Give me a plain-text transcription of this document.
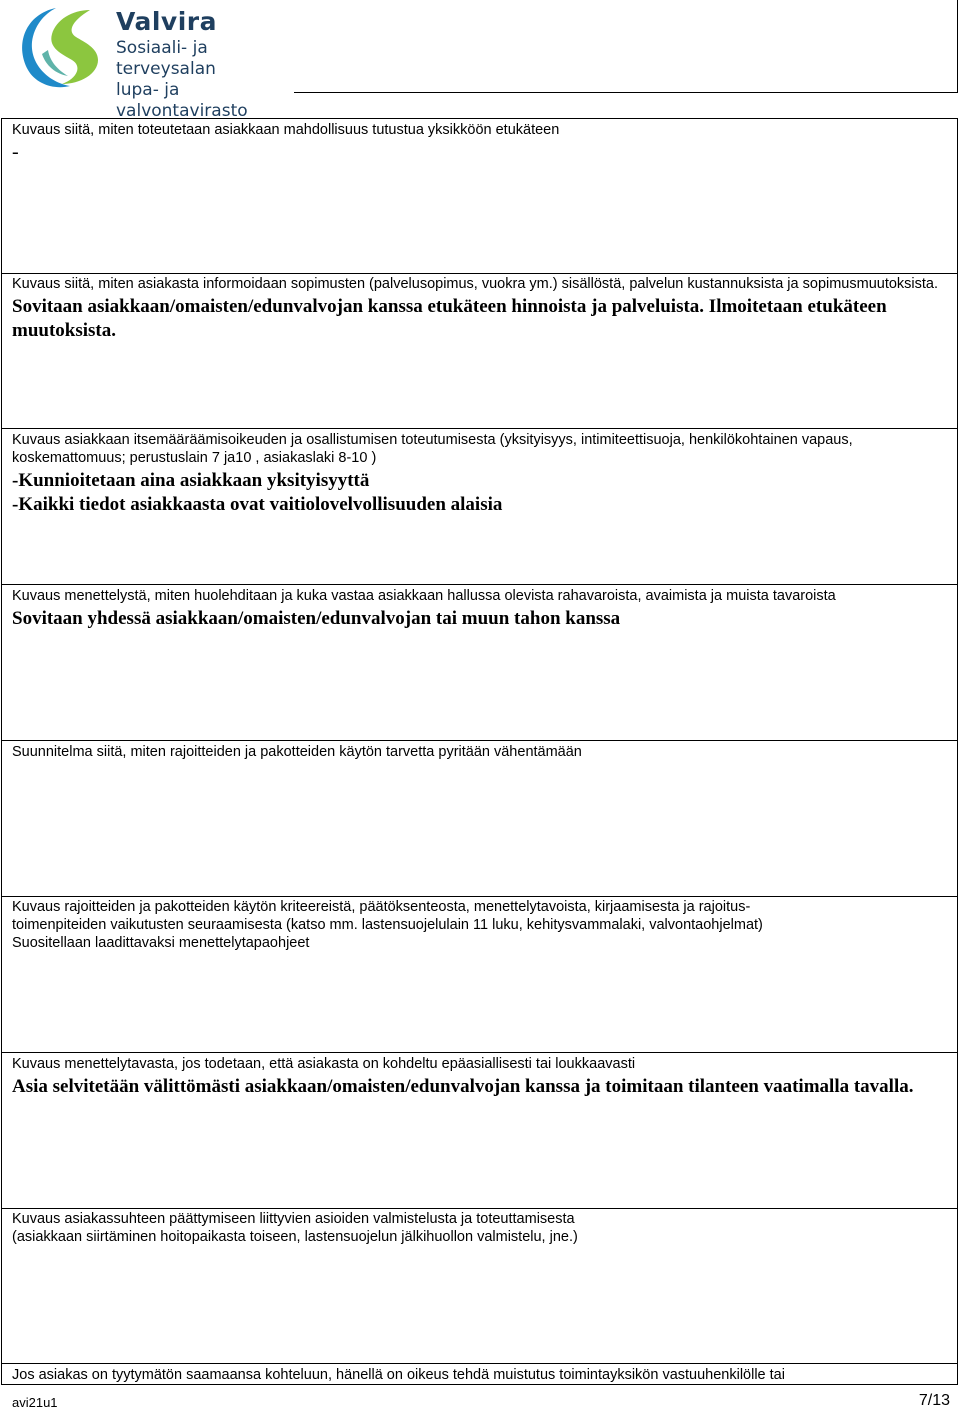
Valvira
Sosiaali- ja terveysalan
lupa- ja valvontavirasto
Kuvaus siitä, miten toteutetaan asiakkaan mahdollisuus tutustua yksikköön etukäteen
-
Kuvaus siitä, miten asiakasta informoidaan sopimusten (palvelusopimus, vuokra ym.) sisällöstä, palvelun kustannuksista ja sopimusmuutoksista.
Sovitaan asiakkaan/omaisten/edunvalvojan kanssa etukäteen hinnoista ja palveluista. Ilmoitetaan etukäteen muutoksista.
Kuvaus asiakkaan itsemääräämisoikeuden ja osallistumisen toteutumisesta (yksityisyys, intimiteettisuoja, henkilökohtainen vapaus, koskemattomuus; perustuslain 7 ja10 , asiakaslaki 8-10 )
-Kunnioitetaan aina asiakkaan yksityisyyttä
-Kaikki tiedot asiakkaasta ovat vaitiolovelvollisuuden alaisia
Kuvaus menettelystä, miten huolehditaan ja kuka vastaa asiakkaan hallussa olevista rahavaroista, avaimista ja muista tavaroista
Sovitaan yhdessä asiakkaan/omaisten/edunvalvojan tai muun tahon kanssa
Suunnitelma siitä, miten rajoitteiden ja pakotteiden käytön tarvetta pyritään vähentämään
Kuvaus rajoitteiden ja pakotteiden käytön kriteereistä, päätöksenteosta, menettelytavoista, kirjaamisesta ja rajoitus-
toimenpiteiden vaikutusten seuraamisesta (katso mm. lastensuojelulain 11 luku, kehitysvammalaki, valvontaohjelmat)
Suositellaan laadittavaksi menettelytapaohjeet
Kuvaus menettelytavasta, jos todetaan, että asiakasta on kohdeltu epäasiallisesti tai loukkaavasti
Asia selvitetään välittömästi asiakkaan/omaisten/edunvalvojan kanssa ja toimitaan tilanteen vaatimalla tavalla.
Kuvaus asiakassuhteen päättymiseen liittyvien asioiden valmistelusta ja toteuttamisesta
(asiakkaan siirtäminen hoitopaikasta toiseen, lastensuojelun jälkihuollon valmistelu, jne.)
Jos asiakas on tyytymätön saamaansa kohteluun, hänellä on oikeus tehdä muistutus toimintayksikön vastuuhenkilölle tai
avi21u1	7/13
